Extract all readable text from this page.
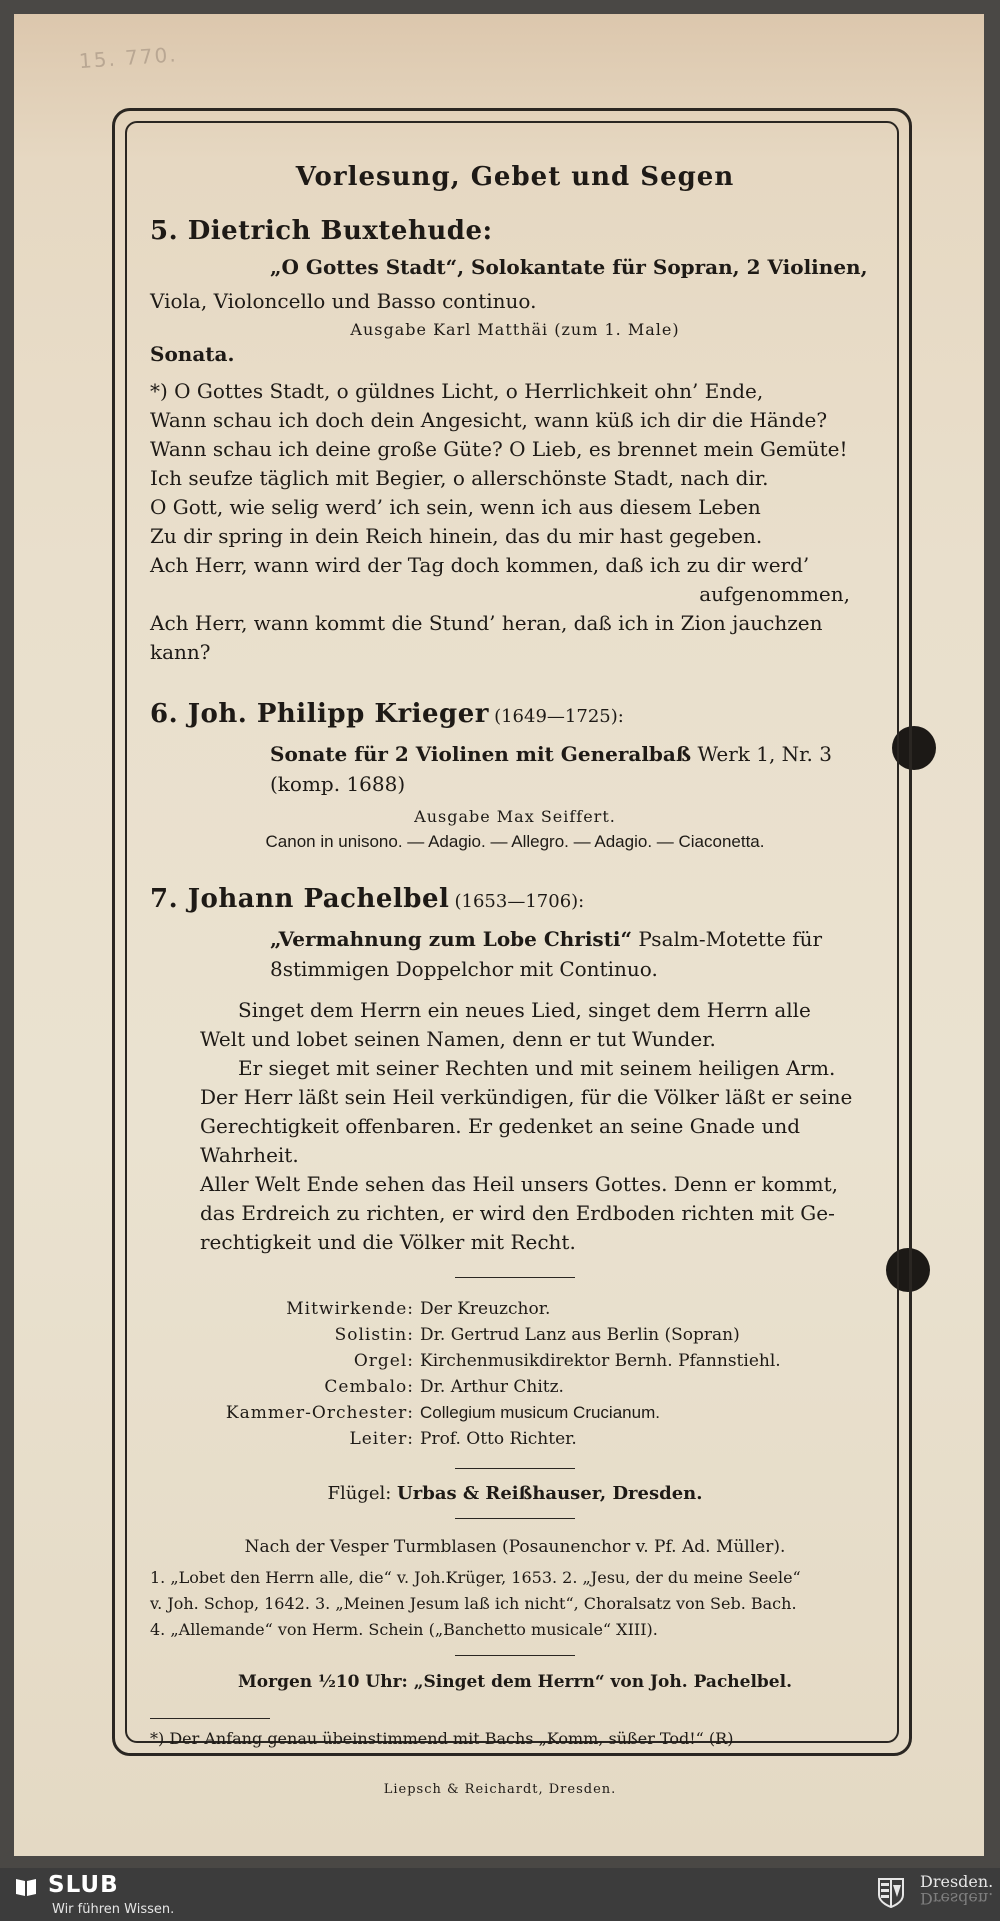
15. 770.
Vorlesung, Gebet und Segen
5. Dietrich Buxtehude:
„O Gottes Stadt“, Solokantate für Sopran, 2 Violinen,
Viola, Violoncello und Basso continuo.
Ausgabe Karl Matthäi (zum 1. Male)
Sonata.
*) O Gottes Stadt, o güldnes Licht, o Herrlichkeit ohn’ Ende,
Wann schau ich doch dein Angesicht, wann küß ich dir die Hände?
Wann schau ich deine große Güte? O Lieb, es brennet mein Gemüte!
Ich seufze täglich mit Begier, o allerschönste Stadt, nach dir.
O Gott, wie selig werd’ ich sein, wenn ich aus diesem Leben
Zu dir spring in dein Reich hinein, das du mir hast gegeben.
Ach Herr, wann wird der Tag doch kommen, daß ich zu dir werd’
aufgenommen,
Ach Herr, wann kommt die Stund’ heran, daß ich in Zion jauchzen kann?
6. Joh. Philipp Krieger (1649—1725):
Sonate für 2 Violinen mit Generalbaß Werk 1, Nr. 3
(komp. 1688)
Ausgabe Max Seiffert.
Canon in unisono. — Adagio. — Allegro. — Adagio. — Ciaconetta.
7. Johann Pachelbel (1653—1706):
„Vermahnung zum Lobe Christi“ Psalm-Motette für
8stimmigen Doppelchor mit Continuo.
Singet dem Herrn ein neues Lied, singet dem Herrn alle
Welt und lobet seinen Namen, denn er tut Wunder.
Er sieget mit seiner Rechten und mit seinem heiligen Arm.
Der Herr läßt sein Heil verkündigen, für die Völker läßt er seine
Gerechtigkeit offenbaren. Er gedenket an seine Gnade und Wahrheit.
Aller Welt Ende sehen das Heil unsers Gottes. Denn er kommt,
das Erdreich zu richten, er wird den Erdboden richten mit Ge-
rechtigkeit und die Völker mit Recht.
Mitwirkende: Der Kreuzchor.
Solistin: Dr. Gertrud Lanz aus Berlin (Sopran)
Orgel: Kirchenmusikdirektor Bernh. Pfannstiehl.
Cembalo: Dr. Arthur Chitz.
Kammer-Orchester: Collegium musicum Crucianum.
Leiter: Prof. Otto Richter.
Flügel: Urbas & Reißhauser, Dresden.
Nach der Vesper Turmblasen (Posaunenchor v. Pf. Ad. Müller).
1. „Lobet den Herrn alle, die“ v. Joh.Krüger, 1653. 2. „Jesu, der du meine Seele“
v. Joh. Schop, 1642. 3. „Meinen Jesum laß ich nicht“, Choralsatz von Seb. Bach.
4. „Allemande“ von Herm. Schein („Banchetto musicale“ XIII).
Morgen ½10 Uhr: „Singet dem Herrn“ von Joh. Pachelbel.
*) Der Anfang genau übeinstimmend mit Bachs „Komm, süßer Tod!“ (R)
Liepsch & Reichardt, Dresden.
SLUB
Wir führen Wissen.
Dresden.
Dresden.
